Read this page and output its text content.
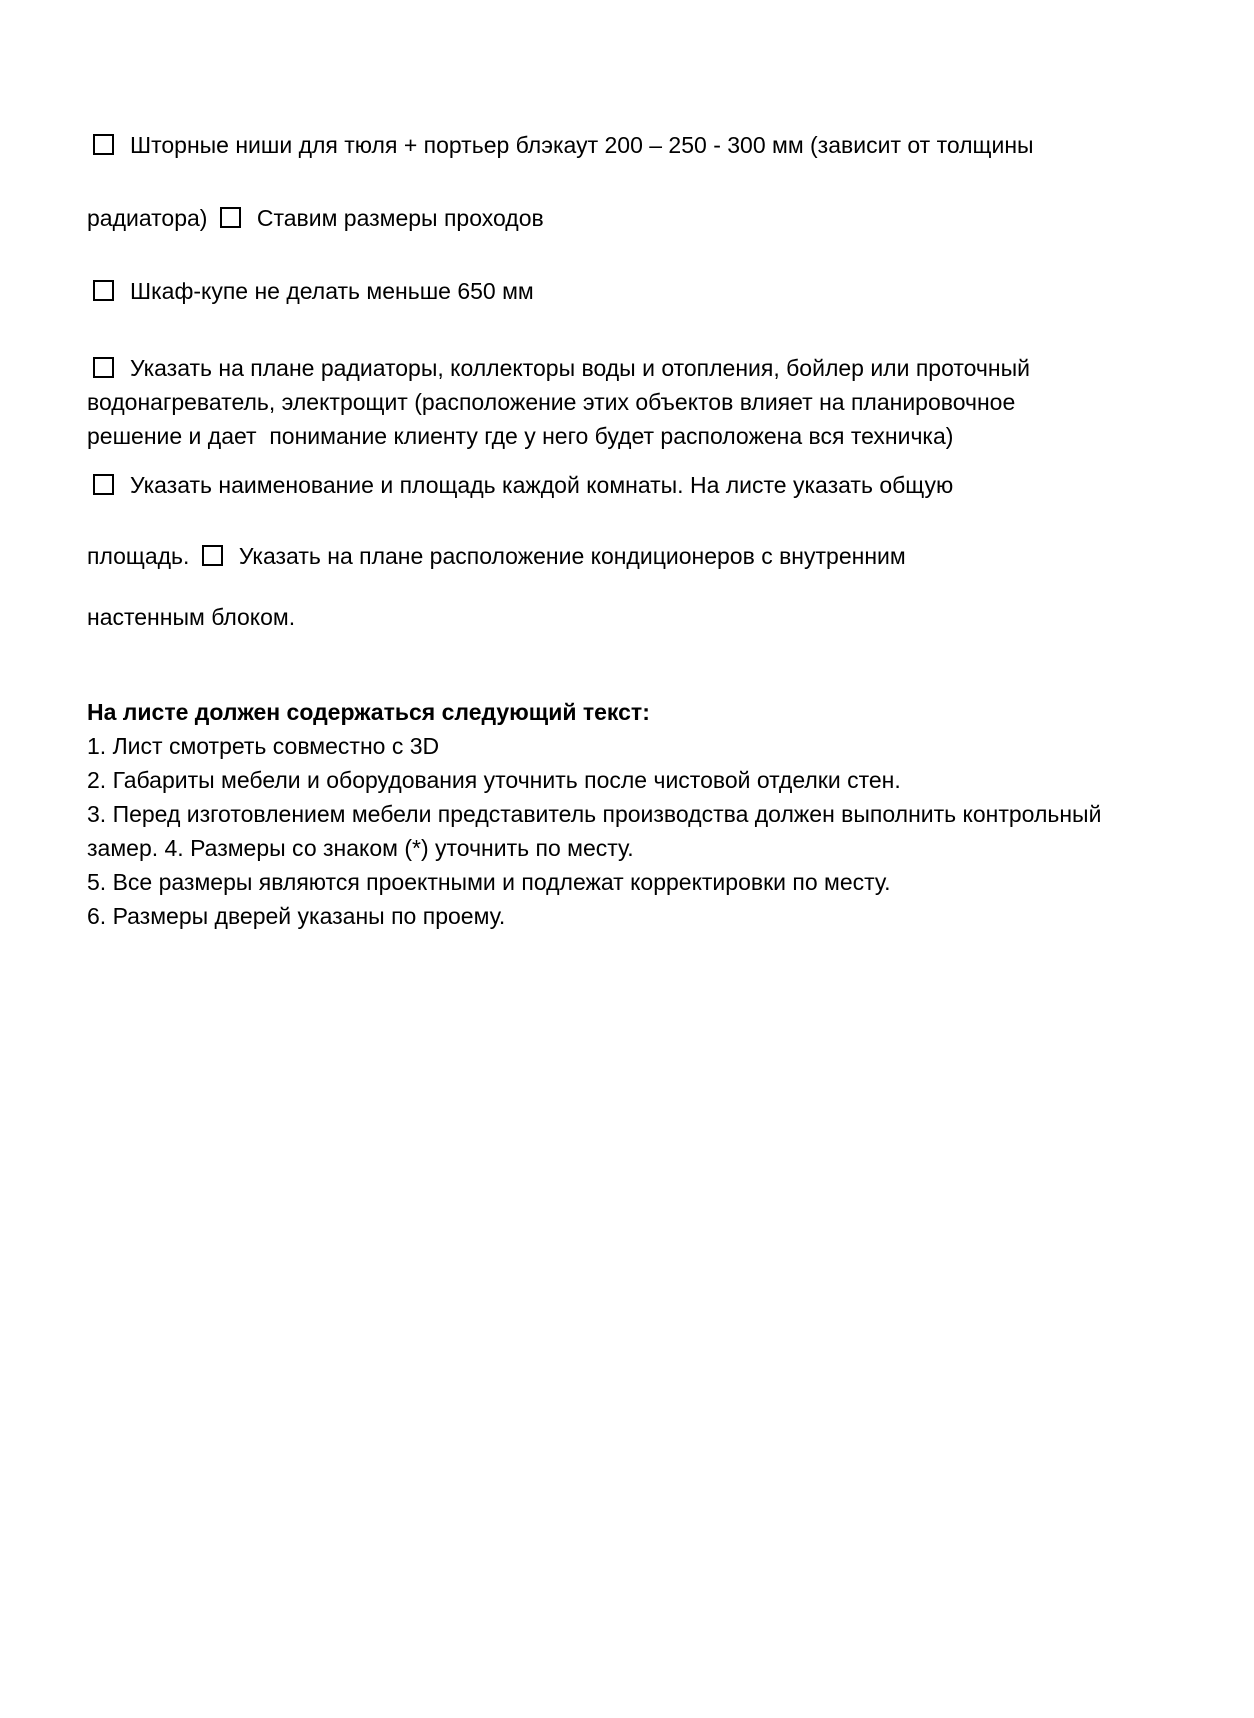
Шторные ниши для тюля + портьер блэкаут 200 – 250 - 300 мм (зависит от толщины
радиатора) Ставим размеры проходов
Шкаф-купе не делать меньше 650 мм
Указать на плане радиаторы, коллекторы воды и отопления, бойлер или проточный
водонагреватель, электрощит (расположение этих объектов влияет на планировочное
решение и дает  понимание клиенту где у него будет расположена вся техничка)
Указать наименование и площадь каждой комнаты. На листе указать общую
площадь. Указать на плане расположение кондиционеров с внутренним
настенным блоком.
На листе должен содержаться следующий текст:
1. Лист смотреть совместно с 3D
2. Габариты мебели и оборудования уточнить после чистовой отделки стен.
3. Перед изготовлением мебели представитель производства должен выполнить контрольный
замер. 4. Размеры со знаком (*) уточнить по месту.
5. Все размеры являются проектными и подлежат корректировки по месту.
6. Размеры дверей указаны по проему.
